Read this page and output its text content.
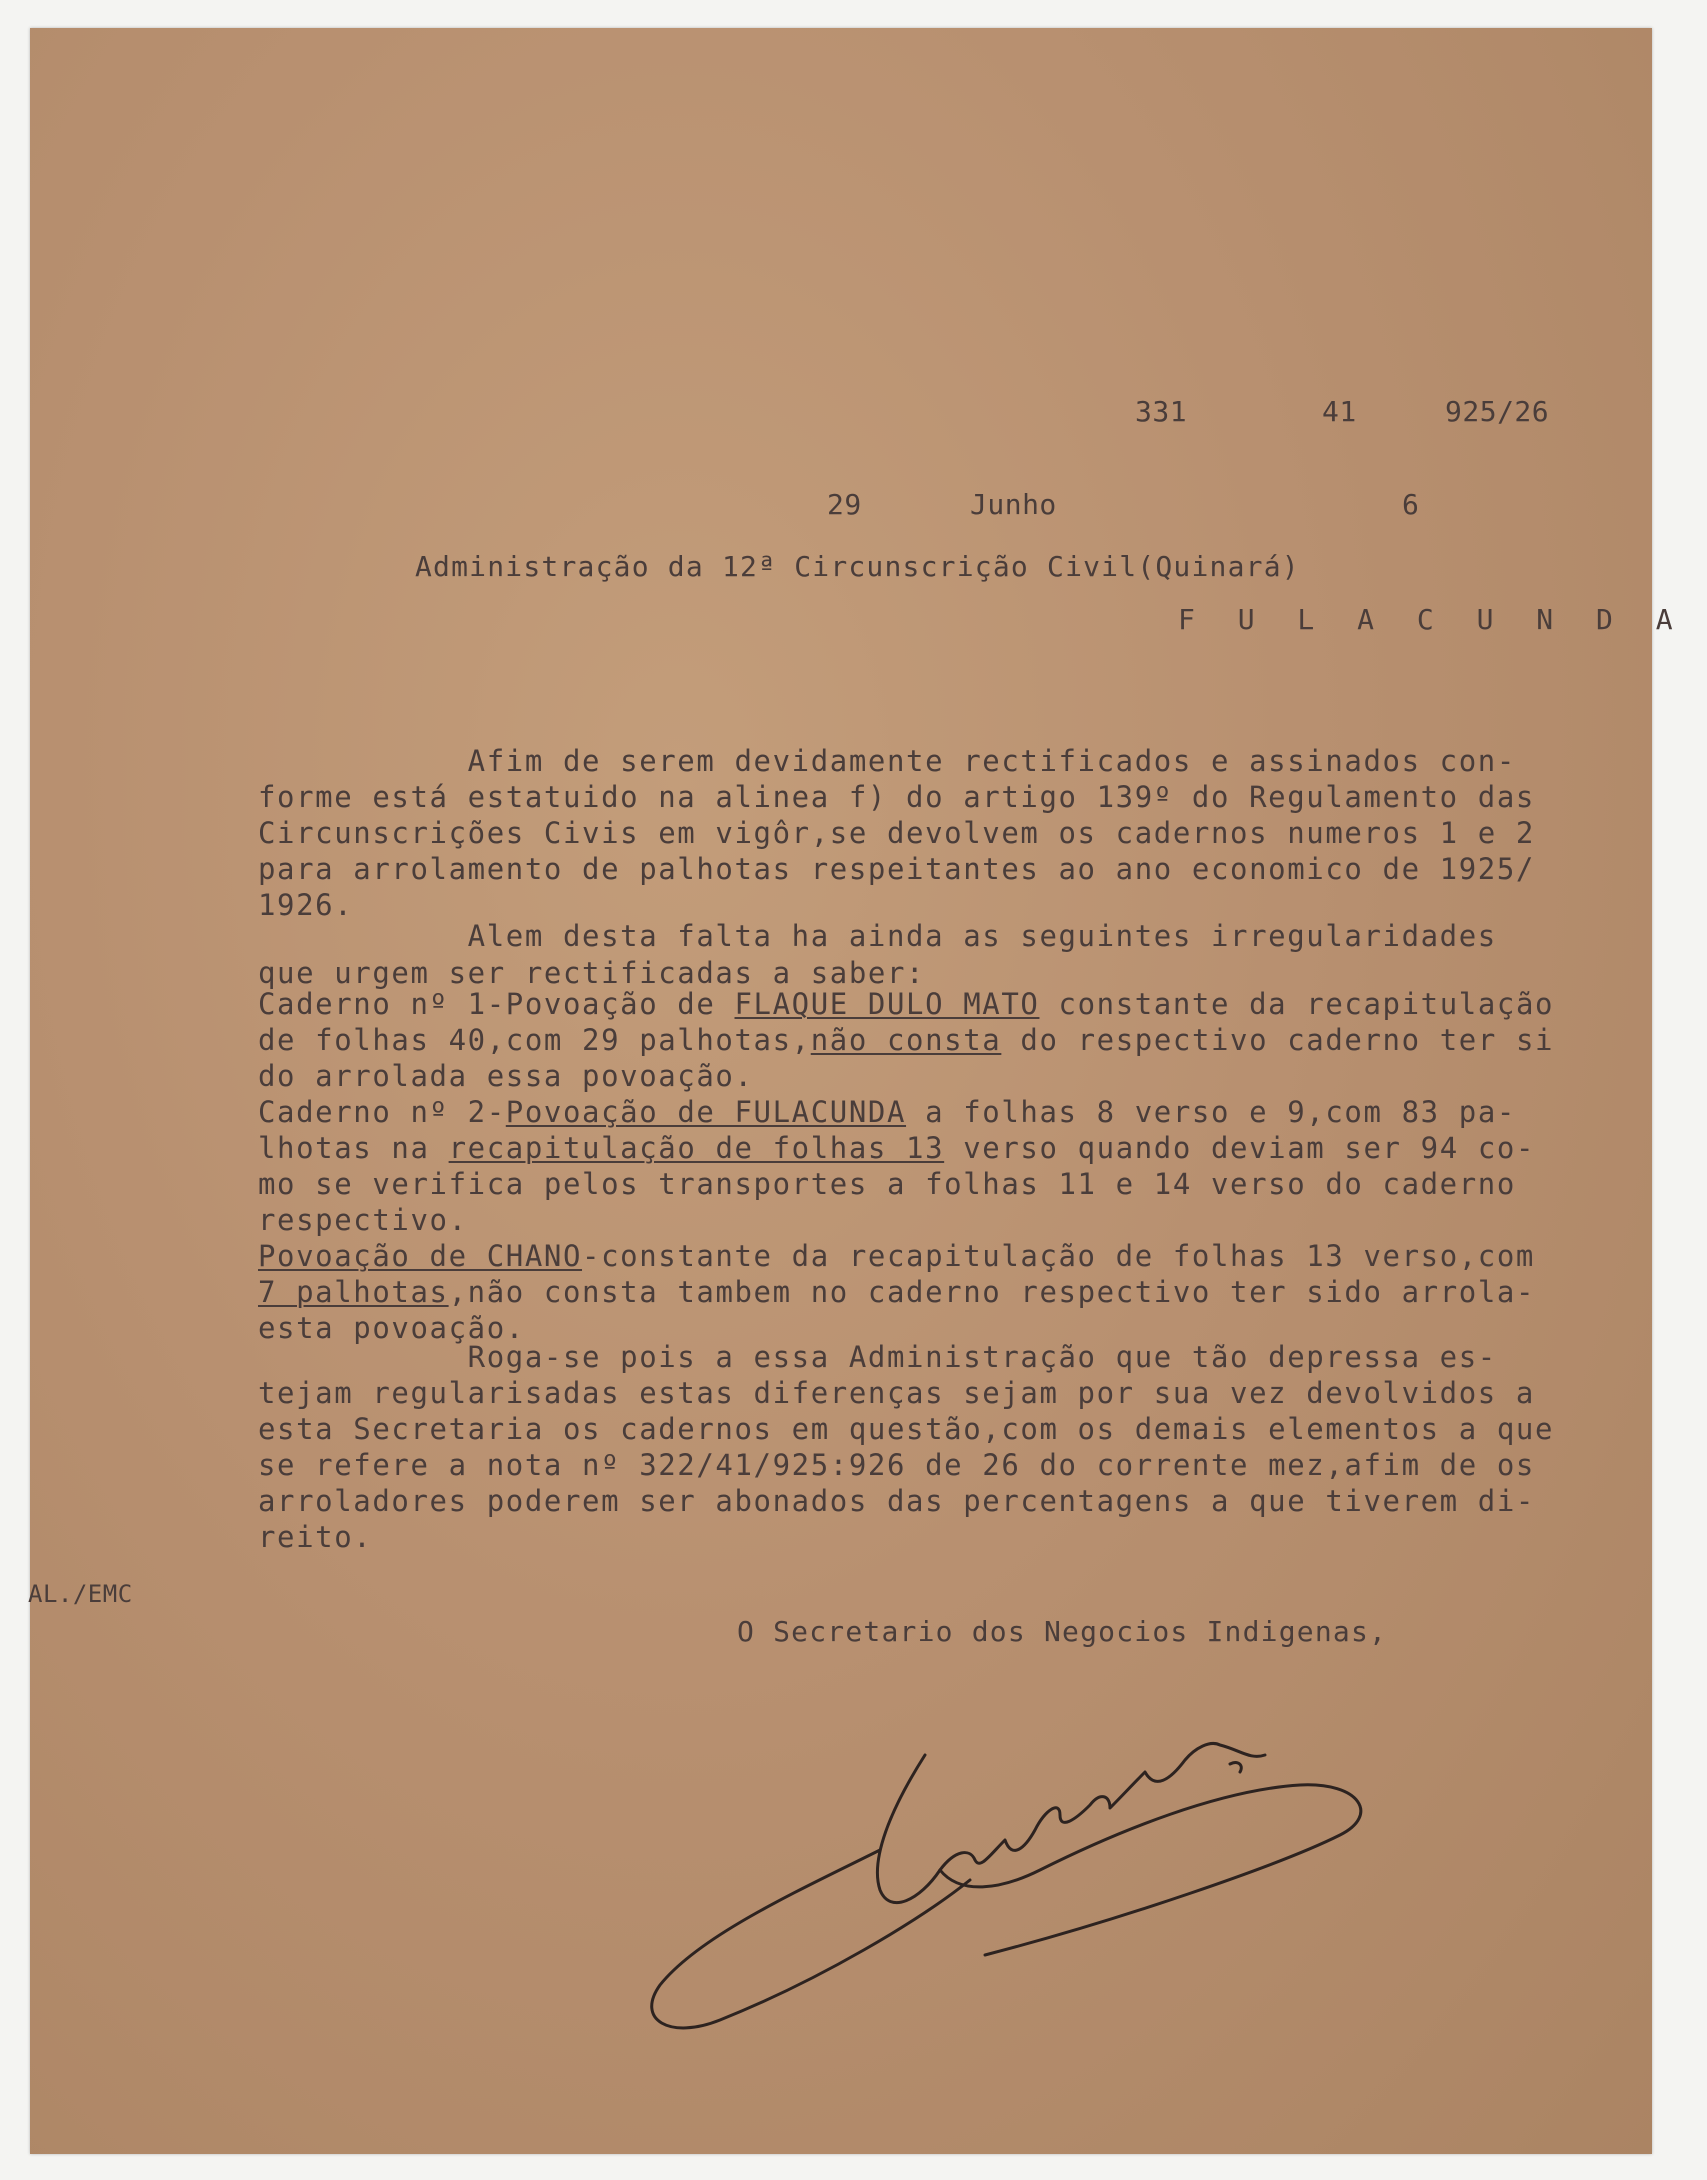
331	41	925/26
29	Junho	6
Administração da 12ª Circunscrição Civil(Quinará)
F U L A C U N D A
Afim de serem devidamente rectificados e assinados con-
forme está estatuido na alinea f) do artigo 139º do Regulamento das
Circunscrições Civis em vigôr,se devolvem os cadernos numeros 1 e 2
para arrolamento de palhotas respeitantes ao ano economico de 1925/
1926.
Alem desta falta ha ainda as seguintes irregularidades
que urgem ser rectificadas a saber:
Caderno nº 1-Povoação de FLAQUE DULO MATO constante da recapitulação
de folhas 40,com 29 palhotas,não consta do respectivo caderno ter si
do arrolada essa povoação.
Caderno nº 2-Povoação de FULACUNDA a folhas 8 verso e 9,com 83 pa-
lhotas na recapitulação de folhas 13 verso quando deviam ser 94 co-
mo se verifica pelos transportes a folhas 11 e 14 verso do caderno
respectivo.
Povoação de CHANO-constante da recapitulação de folhas 13 verso,com
7 palhotas,não consta tambem no caderno respectivo ter sido arrola-
esta povoação.
Roga-se pois a essa Administração que tão depressa es-
tejam regularisadas estas diferenças sejam por sua vez devolvidos a
esta Secretaria os cadernos em questão,com os demais elementos a que
se refere a nota nº 322/41/925:926 de 26 do corrente mez,afim de os
arroladores poderem ser abonados das percentagens a que tiverem di-
reito.
AL./EMC
O Secretario dos Negocios Indigenas,
